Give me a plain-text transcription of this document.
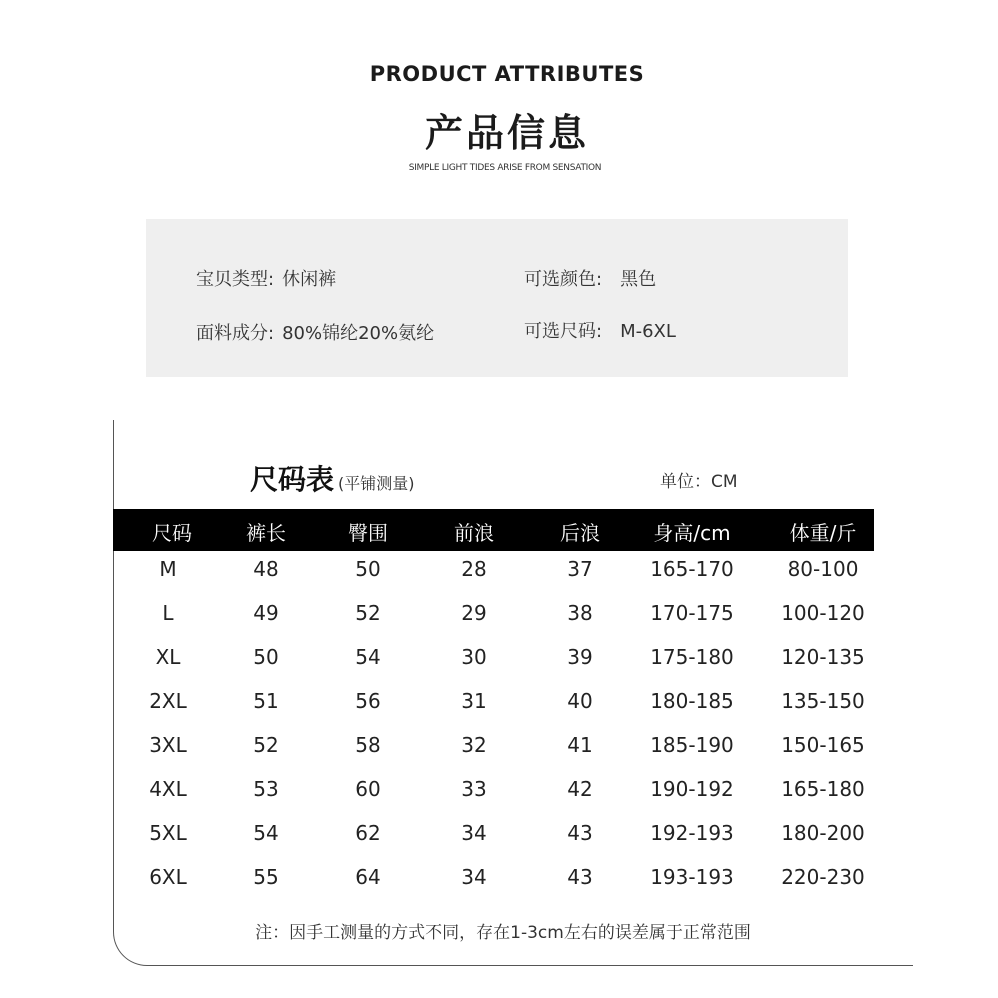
PRODUCT ATTRIBUTES
产品信息
SIMPLE LIGHT TIDES ARISE FROM SENSATION
宝贝类型: 休闲裤
面料成分: 80%锦纶20%氨纶
可选颜色: 黑色
可选尺码: M-6XL
尺码表 (平铺测量)	单位：CM
尺码	裤长	臀围	前浪	后浪	身高/cm	体重/斤
M	48	50	28	37	165-170	80-100
L	49	52	29	38	170-175 100-120
XL	50	54	30	39	175-180 120-135
2XL	51	56	31	40	180-185 135-150
3XL	52	58	32	41	185-190 150-165
4XL	53	60	33	42	190-192 165-180
5XL	54	62	34	43	192-193 180-200
6XL	55	64	34	43	193-193 220-230
注：因手工测量的方式不同，存在1-3cm左右的误差属于正常范围
